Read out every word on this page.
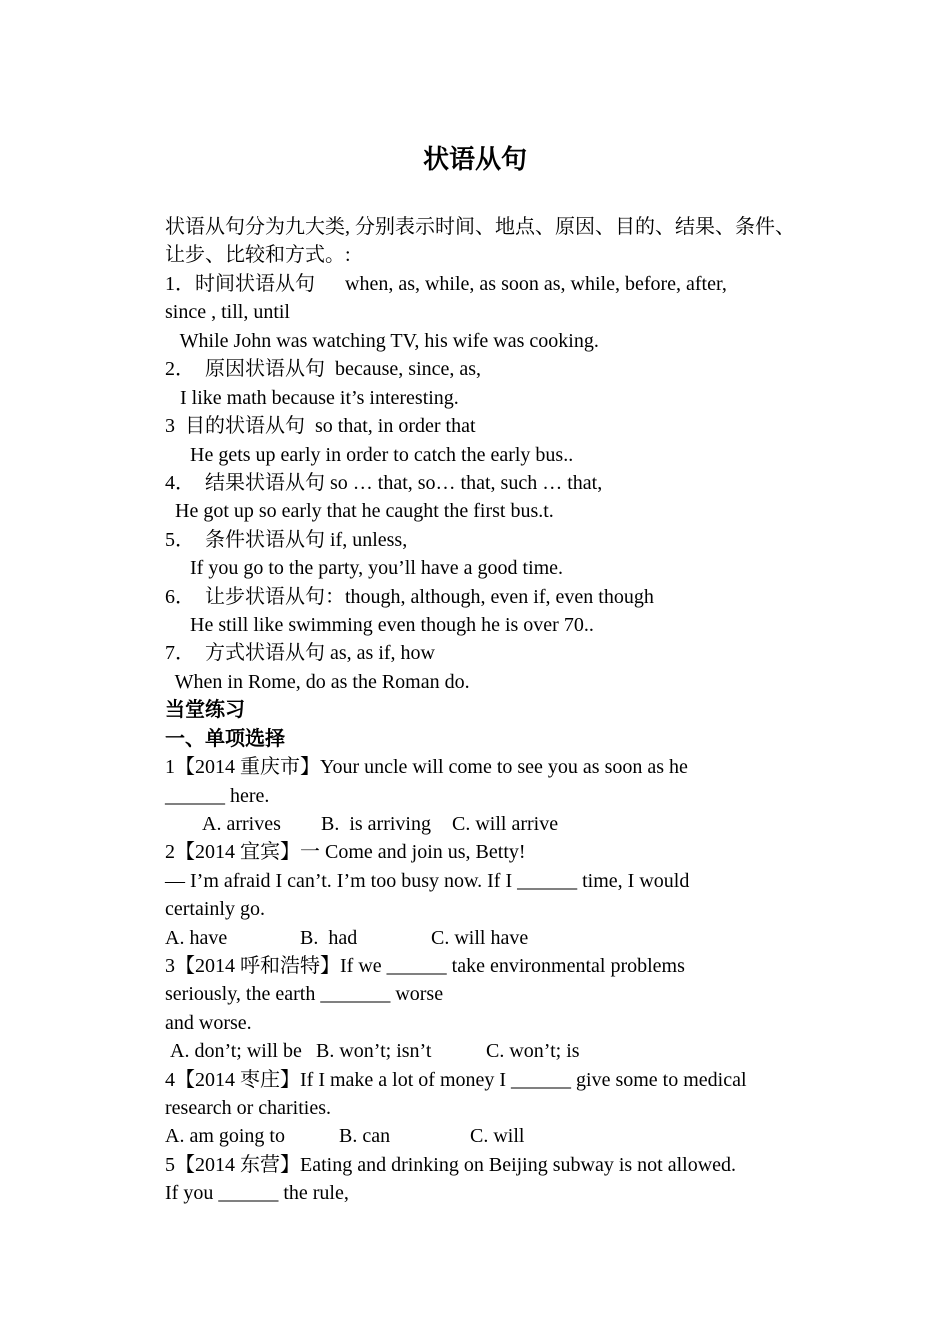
状语从句
状语从句分为九大类, 分别表示时间、地点、原因、目的、结果、条件、
让步、比较和方式。:
1．时间状语从句      when, as, while, as soon as, while, before, after,
since , till, until
While John was watching TV, his wife was cooking.
2．  原因状语从句  because, since, as,
I like math because it’s interesting.
3  目的状语从句  so that, in order that
He gets up early in order to catch the early bus..
4．  结果状语从句 so … that, so… that, such … that,
He got up so early that he caught the first bus.t.
5．  条件状语从句 if, unless,
If you go to the party, you’ll have a good time.
6．  让步状语从句：though, although, even if, even though
He still like swimming even though he is over 70..
7．  方式状语从句 as, as if, how
When in Rome, do as the Roman do.
当堂练习
一、单项选择
1【2014 重庆市】Your uncle will come to see you as soon as he
______ here.
A. arrives B.  is arriving C. will arrive
2【2014 宜宾】一 Come and join us, Betty!
— I’m afraid I can’t. I’m too busy now. If I ______ time, I would
certainly go.
A. have	B.  had	C. will have
3【2014 呼和浩特】If we ______ take environmental problems
seriously, the earth _______ worse
and worse.
A. don’t; will be B. won’t; isn’t	C. won’t; is
4【2014 枣庄】If I make a lot of money I ______ give some to medical
research or charities.
A. am going to	B. can	C. will
5【2014 东营】Eating and drinking on Beijing subway is not allowed.
If you ______ the rule,
